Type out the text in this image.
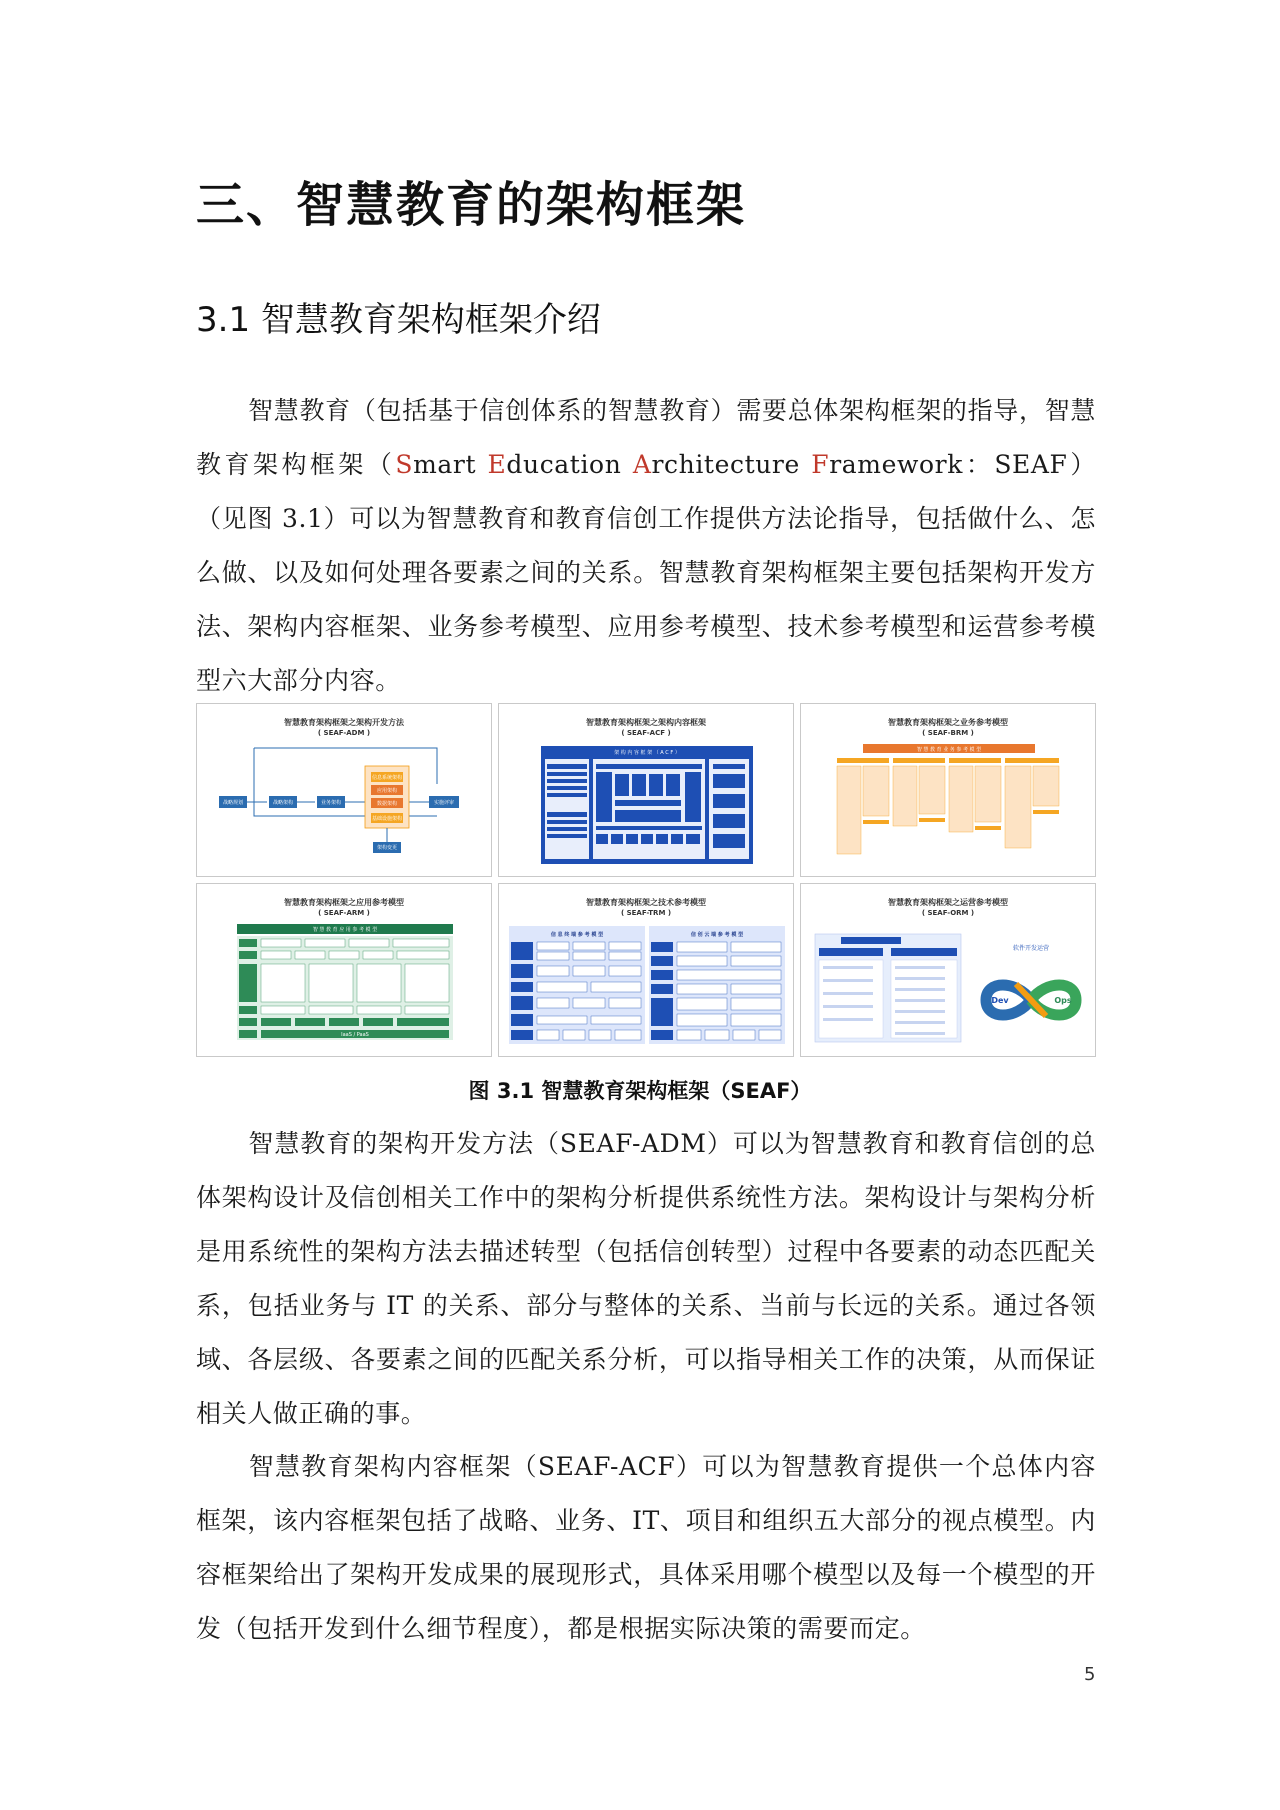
三、智慧教育的架构框架
3.1 智慧教育架构框架介绍

智慧教育（包括基于信创体系的智慧教育）需要总体架构框架的指导，智慧教育架构框架（Smart Education Architecture Framework：SEAF）（见图 3.1）可以为智慧教育和教育信创工作提供方法论指导，包括做什么、怎么做、以及如何处理各要素之间的关系。智慧教育架构框架主要包括架构开发方法、架构内容框架、业务参考模型、应用参考模型、技术参考模型和运营参考模型六大部分内容。

智慧教育架构框架之架构开发方法
( SEAF-ADM )
战略规划	战略架构	业务架构
信息系统架构
应用架构
数据架构
基础设施架构
实施评审
架构变更
智慧教育架构框架之架构内容框架
( SEAF-ACF )
架 构 内 容 框 架 （ A C F ）
智慧教育架构框架之业务参考模型
( SEAF-BRM )
智 慧 教 育 业 务 参 考 模 型
智慧教育架构框架之应用参考模型
( SEAF-ARM )
智 慧 教 育 应 用 参 考 模 型
IaaS / PaaS
智慧教育架构框架之技术参考模型
( SEAF-TRM )
信 息 终 端 参 考 模 型	信 创 云 端 参 考 模 型
智慧教育架构框架之运营参考模型
( SEAF-ORM )
软件开发运营
Dev	Ops
图 3.1 智慧教育架构框架（SEAF）

智慧教育的架构开发方法（SEAF-ADM）可以为智慧教育和教育信创的总体架构设计及信创相关工作中的架构分析提供系统性方法。架构设计与架构分析是用系统性的架构方法去描述转型（包括信创转型）过程中各要素的动态匹配关系，包括业务与 IT 的关系、部分与整体的关系、当前与长远的关系。通过各领域、各层级、各要素之间的匹配关系分析，可以指导相关工作的决策，从而保证相关人做正确的事。

智慧教育架构内容框架（SEAF-ACF）可以为智慧教育提供一个总体内容框架，该内容框架包括了战略、业务、IT、项目和组织五大部分的视点模型。内容框架给出了架构开发成果的展现形式，具体采用哪个模型以及每一个模型的开发（包括开发到什么细节程度），都是根据实际决策的需要而定。

5
